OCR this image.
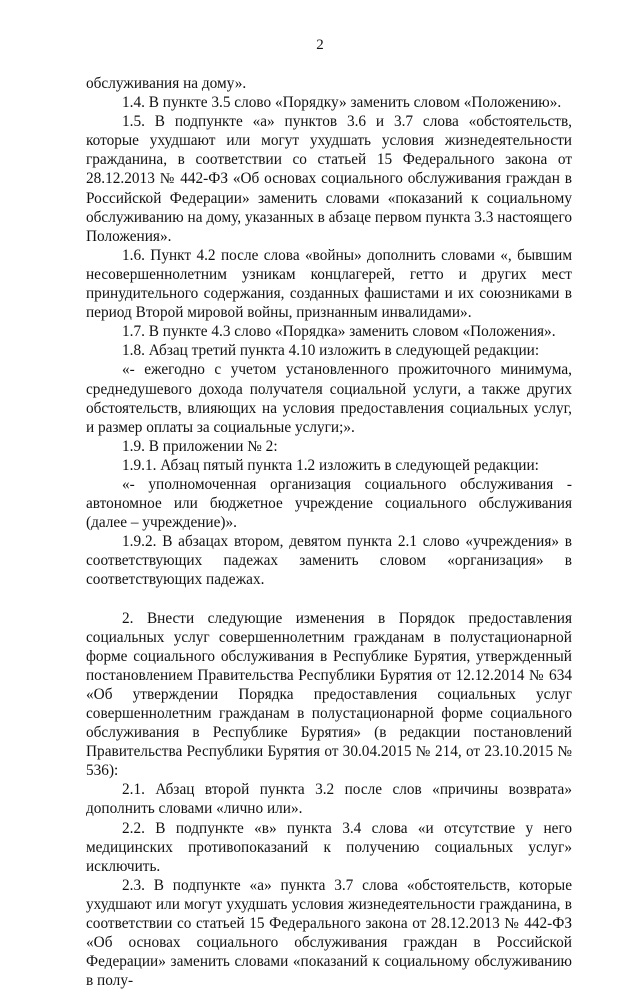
2

обслуживания на дому».

1.4. В пункте 3.5 слово «Порядку» заменить словом «Положению».

1.5. В подпункте «а» пунктов 3.6 и 3.7 слова «обстоятельств, которые ухудшают или могут ухудшать условия жизнедеятельности гражданина, в соответствии со статьей 15 Федерального закона от 28.12.2013 № 442-ФЗ «Об основах социального обслуживания граждан в Российской Федерации» заменить словами «показаний к социальному обслуживанию на дому, указанных в абзаце первом пункта 3.3 настоящего Положения».

1.6. Пункт 4.2 после слова «войны» дополнить словами «, бывшим несовершеннолетним узникам концлагерей, гетто и других мест принудительного содержания, созданных фашистами и их союзниками в период Второй мировой войны, признанным инвалидами».

1.7. В пункте 4.3 слово «Порядка» заменить словом «Положения».

1.8. Абзац третий пункта 4.10 изложить в следующей редакции:

«- ежегодно с учетом установленного прожиточного минимума, среднедушевого дохода получателя социальной услуги, а также других обстоятельств, влияющих на условия предоставления социальных услуг, и размер оплаты за социальные услуги;».

1.9. В приложении № 2:

1.9.1. Абзац пятый пункта 1.2 изложить в следующей редакции:

«- уполномоченная организация социального обслуживания - автономное или бюджетное учреждение социального обслуживания (далее – учреждение)».

1.9.2. В абзацах втором, девятом пункта 2.1 слово «учреждения» в соответствующих падежах заменить словом «организация» в соответствующих падежах.

2. Внести следующие изменения в Порядок предоставления социальных услуг совершеннолетним гражданам в полустационарной форме социального обслуживания в Республике Бурятия, утвержденный постановлением Правительства Республики Бурятия от 12.12.2014 № 634 «Об утверждении Порядка предоставления социальных услуг совершеннолетним гражданам в полустационарной форме социального обслуживания в Республике Бурятия» (в редакции постановлений Правительства Республики Бурятия от 30.04.2015 № 214, от 23.10.2015 № 536):

2.1. Абзац второй пункта 3.2 после слов «причины возврата» дополнить словами «лично или».

2.2. В подпункте «в» пункта 3.4 слова «и отсутствие у него медицинских противопоказаний к получению социальных услуг» исключить.

2.3. В подпункте «а» пункта 3.7 слова «обстоятельств, которые ухудшают или могут ухудшать условия жизнедеятельности гражданина, в соответствии со статьей 15 Федерального закона от 28.12.2013 № 442-ФЗ «Об основах социального обслуживания граждан в Российской Федерации» заменить словами «показаний к социальному обслуживанию в полу-
